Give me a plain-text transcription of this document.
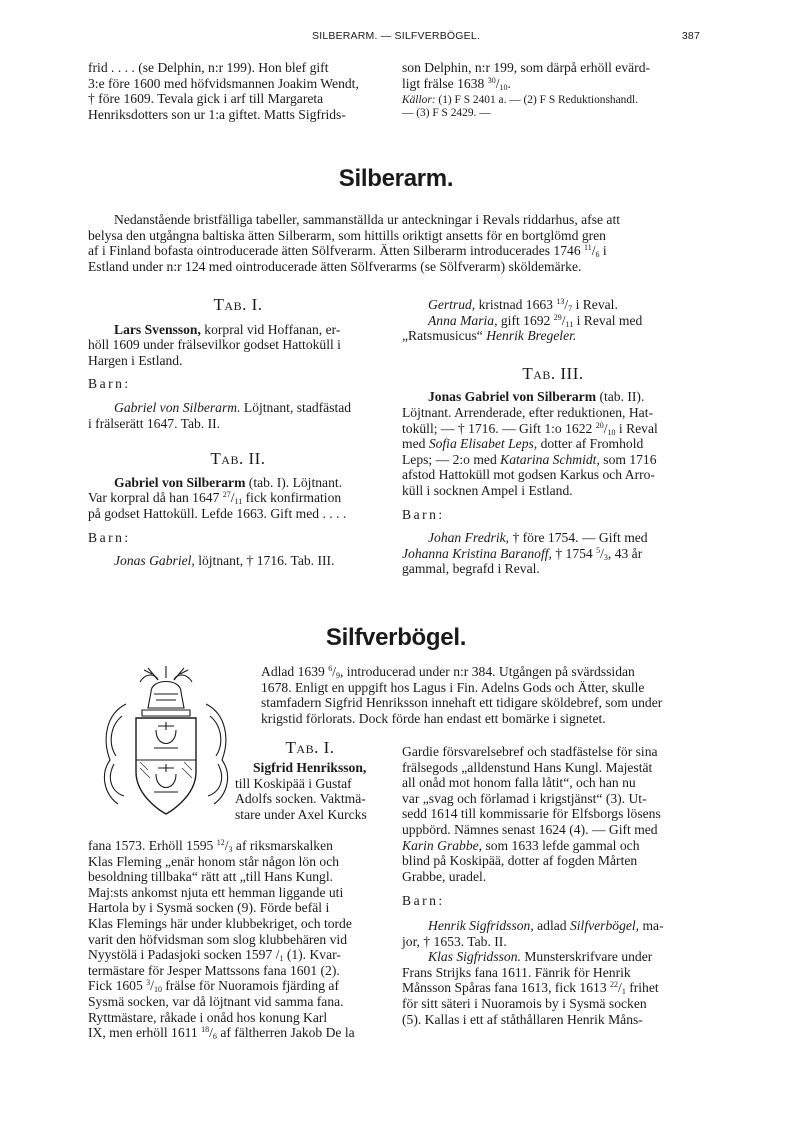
SILBERARM. — SILFVERBÖGEL.	387

frid . . . . (se Delphin, n:r 199). Hon blef gift

3:e före 1600 med höfvidsmannen Joakim Wendt,

† före 1609. Tevala gick i arf till Margareta

Henriksdotters son ur 1:a giftet. Matts Sigfrids-

son Delphin, n:r 199, som därpå erhöll evärd-

ligt frälse 1638 $^{30}/_{10}$.

Källor: (1) F S 2401 a. — (2) F S Reduktionshandl.

— (3) F S 2429. —

Silberarm.

Nedanstående bristfälliga tabeller, sammanställda ur anteckningar i Revals riddarhus, afse att

belysa den utgångna baltiska ätten Silberarm, som hittills oriktigt ansetts för en bortglömd gren

af i Finland bofasta ointroducerade ätten Sölfverarm. Ätten Silberarm introducerades 1746 $^{11}/_6$ i

Estland under n:r 124 med ointroducerade ätten Sölfverarms (se Sölfverarm) sköldemärke.

Tab. I.

Lars Svensson, korpral vid Hoffanan, er-

höll 1609 under frälsevilkor godset Hattoküll i

Hargen i Estland.

Barn:

Gabriel von Silberarm. Löjtnant, stadfästad

i frälserätt 1647. Tab. II.

Tab. II.

Gabriel von Silberarm (tab. I). Löjtnant.

Var korpral då han 1647 $^{27}/_{11}$ fick konfirmation

på godset Hattoküll. Lefde 1663. Gift med . . . .

Barn:

Jonas Gabriel, löjtnant, † 1716. Tab. III.

Gertrud, kristnad 1663 $^{13}/_7$ i Reval.

Anna Maria, gift 1692 $^{29}/_{11}$ i Reval med

„Ratsmusicus“ Henrik Bregeler.

Tab. III.

Jonas Gabriel von Silberarm (tab. II).

Löjtnant. Arrenderade, efter reduktionen, Hat-

toküll; — † 1716. — Gift 1:o 1622 $^{20}/_{10}$ i Reval

med Sofia Elisabet Leps, dotter af Fromhold

Leps; — 2:o med Katarina Schmidt, som 1716

afstod Hattoküll mot godsen Karkus och Arro-

küll i socknen Ampel i Estland.

Barn:

Johan Fredrik, † före 1754. — Gift med

Johanna Kristina Baranoff, † 1754 $^5/_3$, 43 år

gammal, begrafd i Reval.

Silfverbögel.

Adlad 1639 $^6/_9$, introducerad under n:r 384. Utgången på svärdssidan

1678. Enligt en uppgift hos Lagus i Fin. Adelns Gods och Ätter, skulle

stamfadern Sigfrid Henriksson innehaft ett tidigare sköldebref, som under

krigstid förlorats. Dock förde han endast ett bomärke i signetet.

Tab. I.

Sigfrid Henriksson,

till Koskipää i Gustaf

Adolfs socken. Vaktmä-

stare under Axel Kurcks

fana 1573. Erhöll 1595 $^{12}/_3$ af riksmarskalken

Klas Fleming „enär honom står någon lön och

besoldning tillbaka“ rätt att „till Hans Kungl.

Maj:sts ankomst njuta ett hemman liggande uti

Hartola by i Sysmä socken (9). Förde befäl i

Klas Flemings här under klubbekriget, och torde

varit den höfvidsman som slog klubbehären vid

Nyystölä i Padasjoki socken 1597 $/_1$ (1). Kvar-

termästare för Jesper Mattssons fana 1601 (2).

Fick 1605 $^3/_{10}$ frälse för Nuoramois fjärding af

Sysmä socken, var då löjtnant vid samma fana.

Ryttmästare, råkade i onåd hos konung Karl

IX, men erhöll 1611 $^{18}/_6$ af fältherren Jakob De la

Gardie försvarelsebref och stadfästelse för sina

frälsegods „alldenstund Hans Kungl. Majestät

all onåd mot honom falla låtit“, och han nu

var „svag och förlamad i krigstjänst“ (3). Ut-

sedd 1614 till kommissarie för Elfsborgs lösens

uppbörd. Nämnes senast 1624 (4). — Gift med

Karin Grabbe, som 1633 lefde gammal och

blind på Koskipää, dotter af fogden Mårten

Grabbe, uradel.

Barn:

Henrik Sigfridsson, adlad Silfverbögel, ma-

jor, † 1653. Tab. II.

Klas Sigfridsson. Munsterskrifvare under

Frans Strijks fana 1611. Fänrik för Henrik

Månsson Spåras fana 1613, fick 1613 $^{22}/_1$ frihet

för sitt säteri i Nuoramois by i Sysmä socken

(5). Kallas i ett af ståthållaren Henrik Måns-
